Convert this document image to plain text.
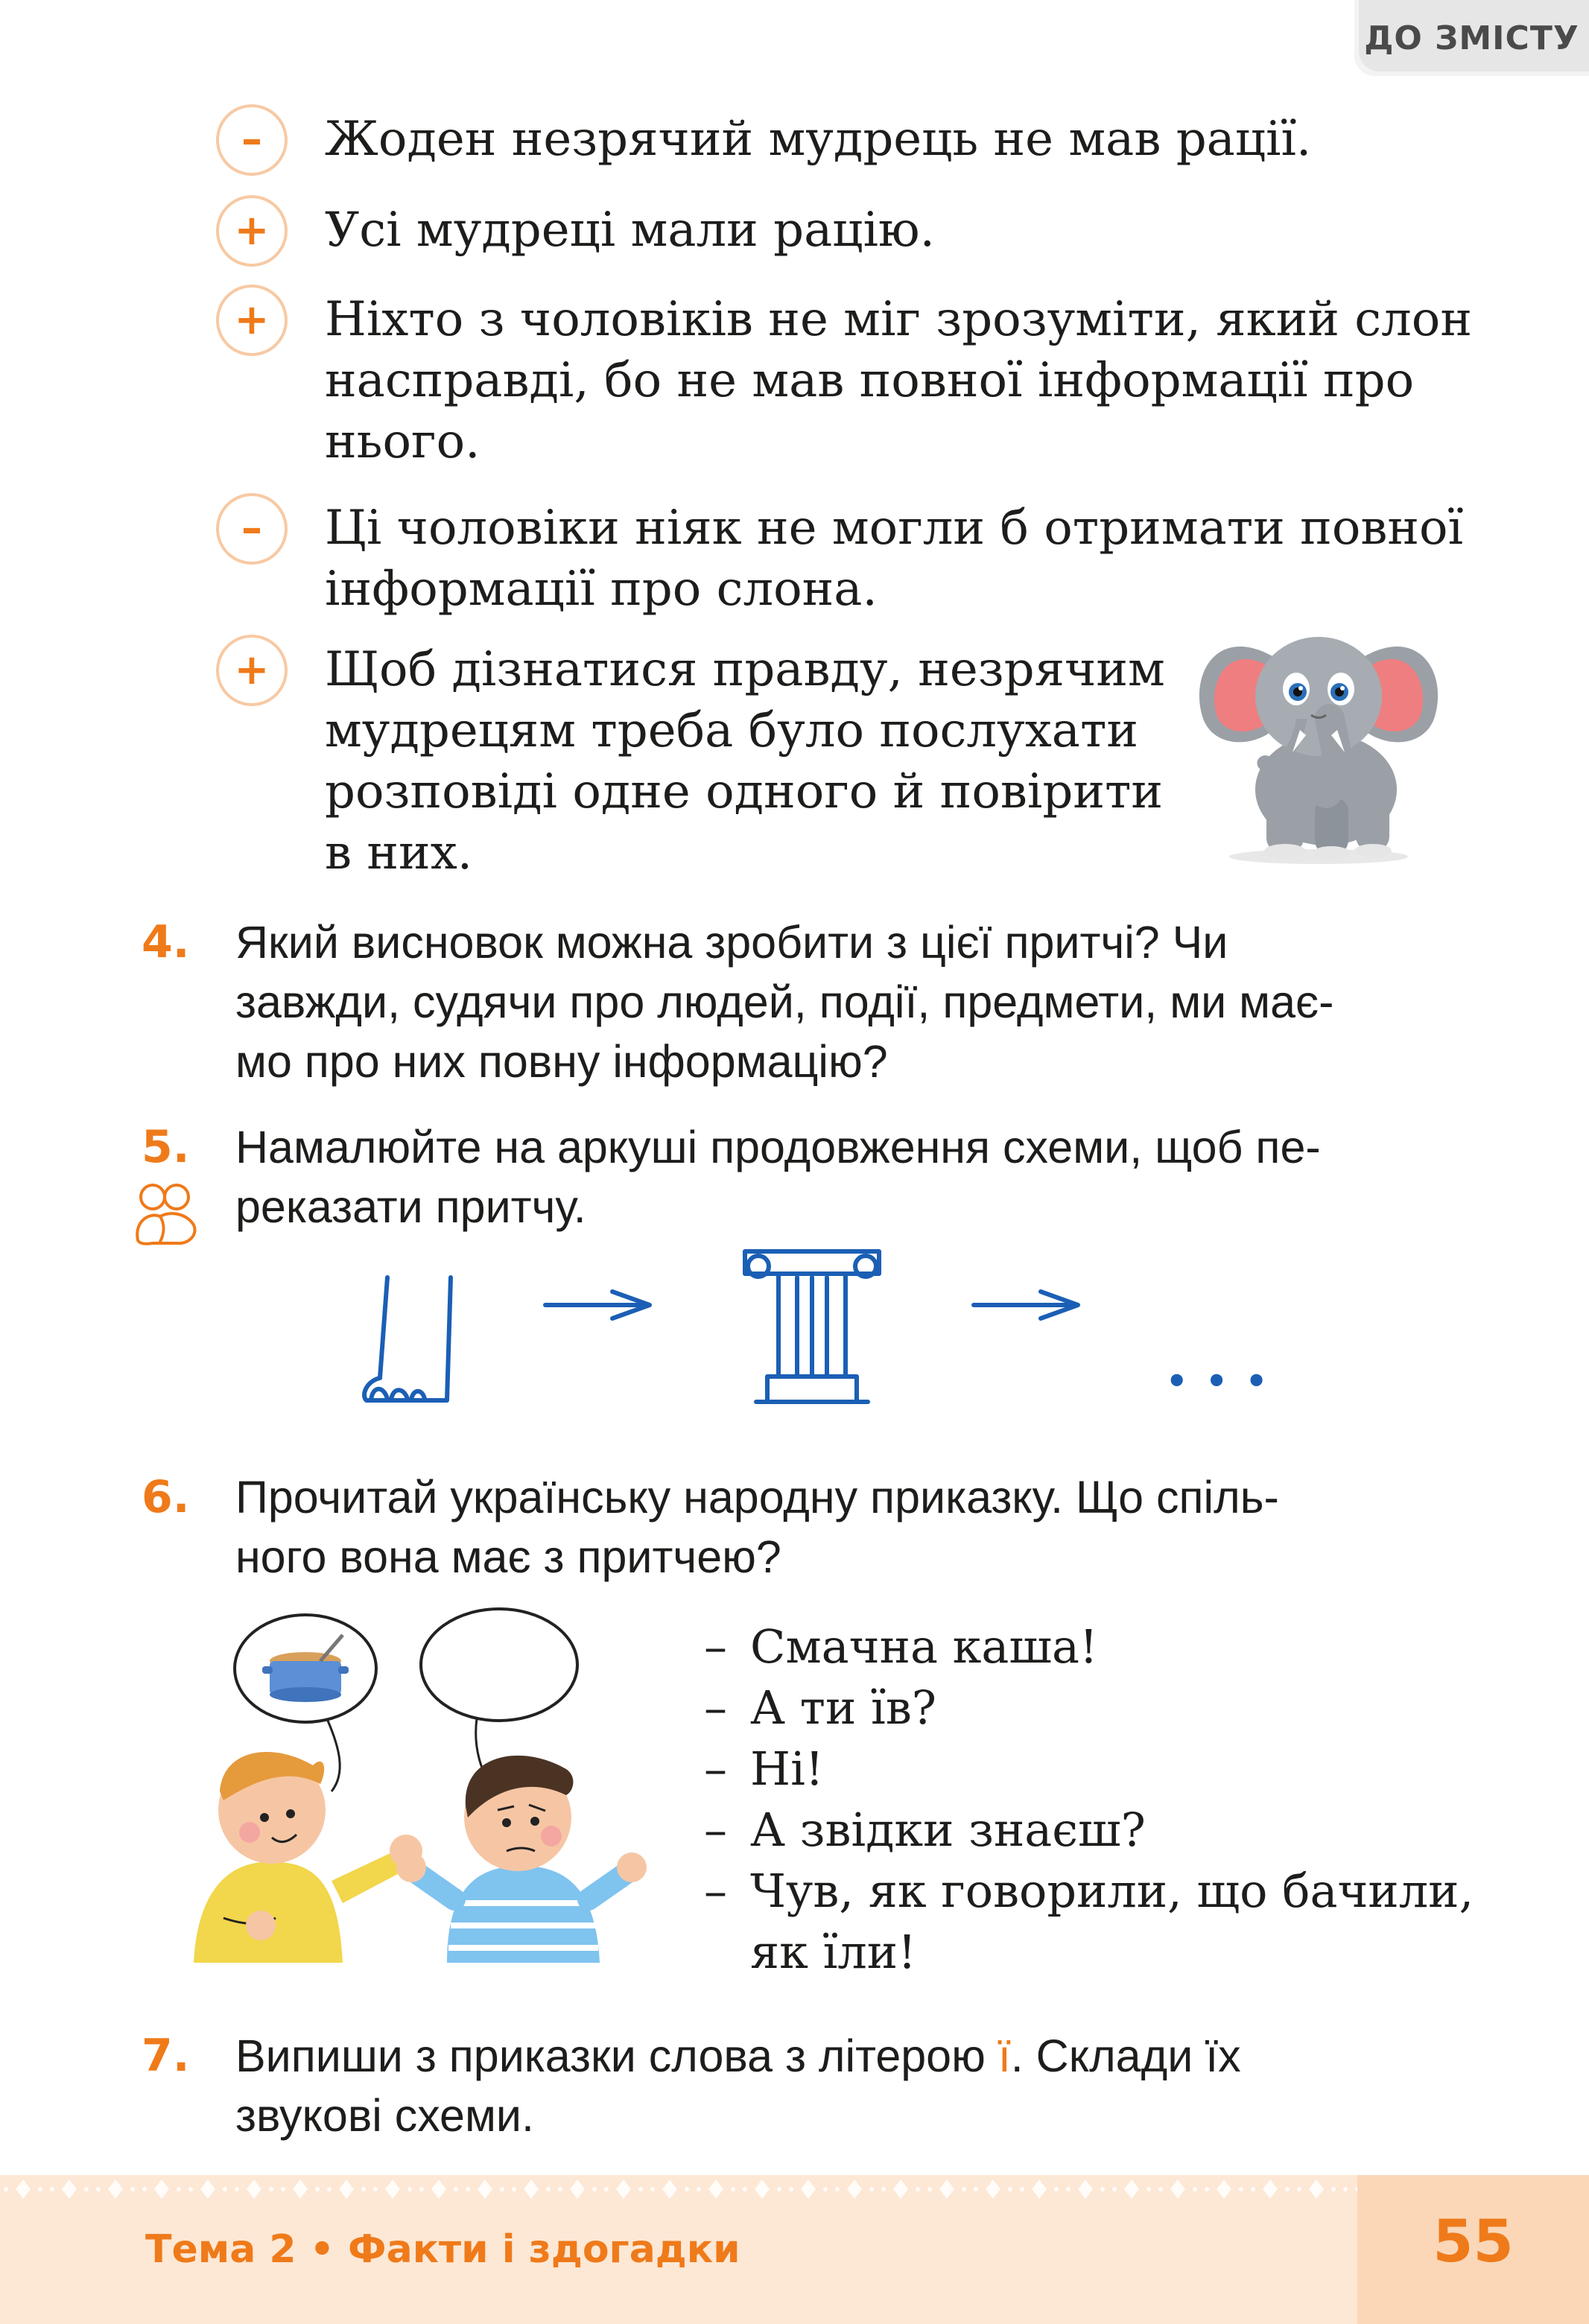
ДО ЗМІСТУ
–	Жоден незрячий мудрець не мав рації.
+	Усі мудреці мали рацію.
+	Ніхто з чоловіків не міг зрозуміти, який слон
насправді, бо не мав повної інформації про
нього.
–	Ці чоловіки ніяк не могли б отримати повної
інформації про слона.
+	Щоб дізнатися правду, незрячим
мудрецям треба було послухати
розповіді одне одного й повірити
в них.
4. Який висновок можна зробити з цієї притчі? Чи
завжди, судячи про людей, події, предмети, ми має-
мо про них повну інформацію?
5. Намалюйте на аркуші продовження схеми, щоб пе-
реказати притчу.
• • •
6. Прочитай українську народну приказку. Що спіль-
ного вона має з притчею?
– Смачна каша!
– А ти їв?
– Ні!
– А звідки знаєш?
– Чув, як говорили, що бачили,
як їли!
7. Випиши з приказки слова з літерою ї. Склади їх
звукові схеми.
Тема 2 • Факти і здогадки	55
